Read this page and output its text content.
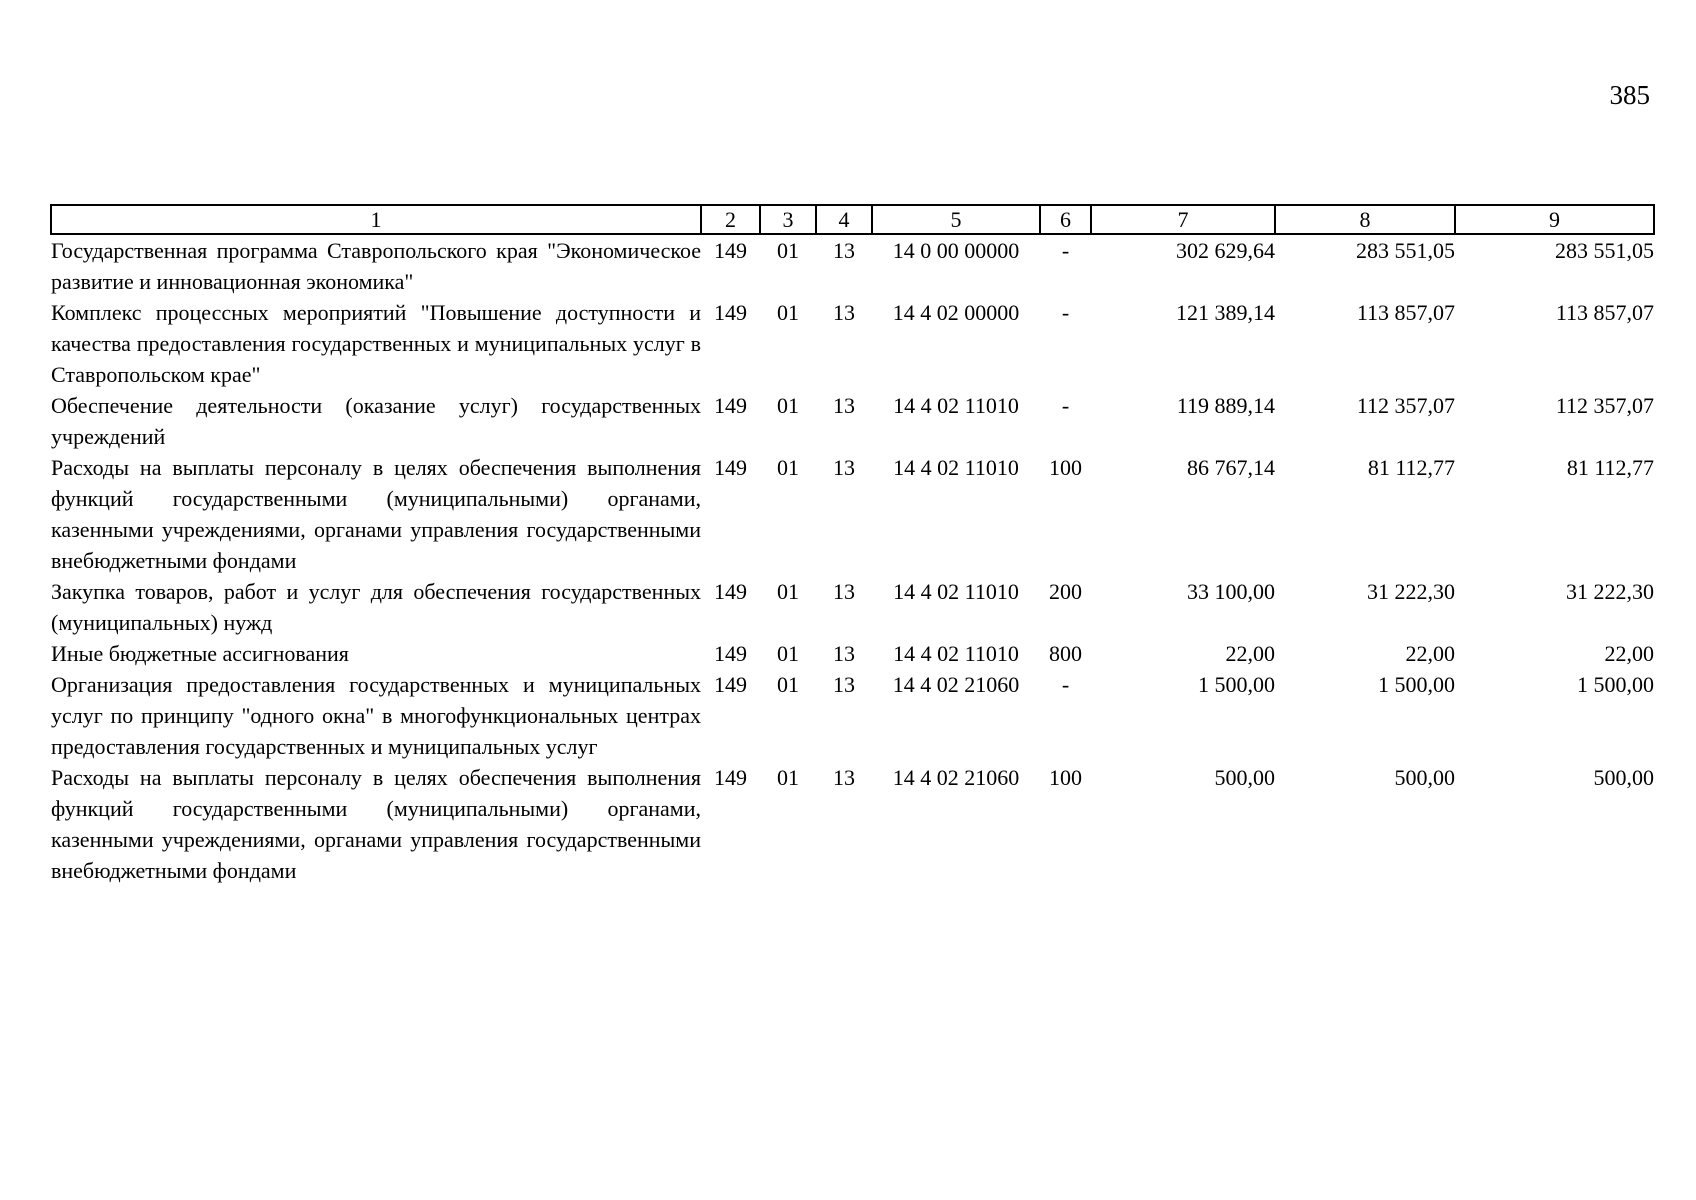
385
1	2	3	4	5	6	7	8	9
Государственная программа Ставропольского края "Экономическое развитие и инновационная экономика"	149	01	13	14 0 00 00000	-	302 629,64	283 551,05	283 551,05
Комплекс процессных мероприятий "Повышение доступности и качества предоставления государственных и муниципальных услуг в Ставропольском крае"	149	01	13	14 4 02 00000	-	121 389,14	113 857,07	113 857,07
Обеспечение деятельности (оказание услуг) государственных учреждений	149	01	13	14 4 02 11010	-	119 889,14	112 357,07	112 357,07
Расходы на выплаты персоналу в целях обеспечения выполнения функций государственными (муниципальными) органами, казенными учреждениями, органами управления государственными внебюджетными фондами	149	01	13	14 4 02 11010	100	86 767,14	81 112,77	81 112,77
Закупка товаров, работ и услуг для обеспечения государственных (муниципальных) нужд	149	01	13	14 4 02 11010	200	33 100,00	31 222,30	31 222,30
Иные бюджетные ассигнования	149	01	13	14 4 02 11010	800	22,00	22,00	22,00
Организация предоставления государственных и муниципальных услуг по принципу "одного окна" в многофункциональных центрах предоставления государственных и муниципальных услуг	149	01	13	14 4 02 21060	-	1 500,00	1 500,00	1 500,00
Расходы на выплаты персоналу в целях обеспечения выполнения функций государственными (муниципальными) органами, казенными учреждениями, органами управления государственными внебюджетными фондами	149	01	13	14 4 02 21060	100	500,00	500,00	500,00
